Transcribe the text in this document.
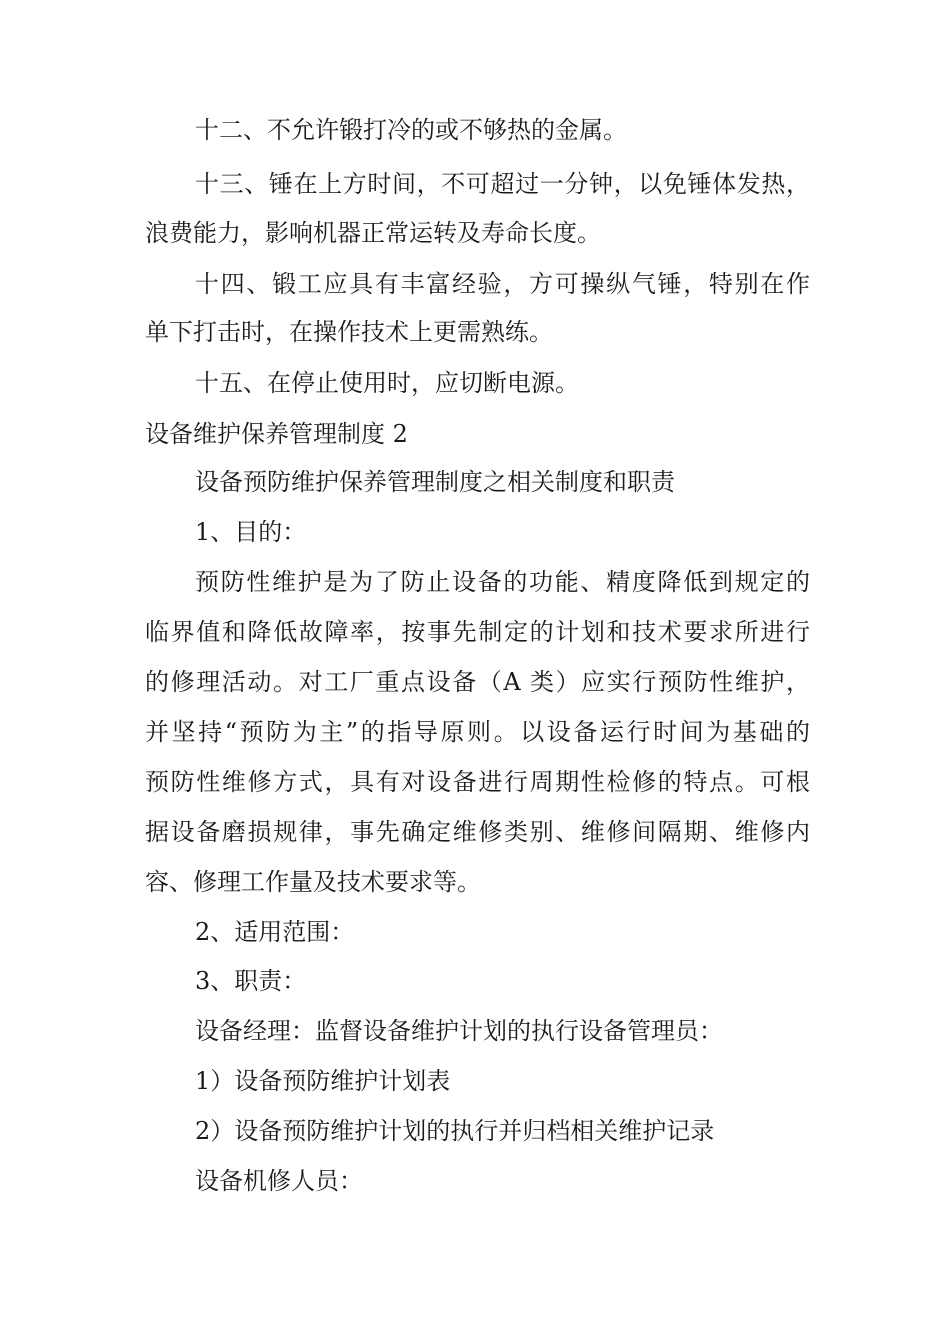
十二、不允许锻打冷的或不够热的金属。
十三、锤在上方时间，不可超过一分钟，以免锤体发热，
浪费能力，影响机器正常运转及寿命长度。
十四、锻工应具有丰富经验，方可操纵气锤，特别在作
单下打击时，在操作技术上更需熟练。
十五、在停止使用时，应切断电源。
设备维护保养管理制度 2
设备预防维护保养管理制度之相关制度和职责
1、目的：
预防性维护是为了防止设备的功能、精度降低到规定的
临界值和降低故障率，按事先制定的计划和技术要求所进行
的修理活动。对工厂重点设备（A 类）应实行预防性维护，
并坚持“预防为主”的指导原则。以设备运行时间为基础的
预防性维修方式，具有对设备进行周期性检修的特点。可根
据设备磨损规律，事先确定维修类别、维修间隔期、维修内
容、修理工作量及技术要求等。
2、适用范围：
3、职责：
设备经理：监督设备维护计划的执行设备管理员：
1）设备预防维护计划表
2）设备预防维护计划的执行并归档相关维护记录
设备机修人员：
